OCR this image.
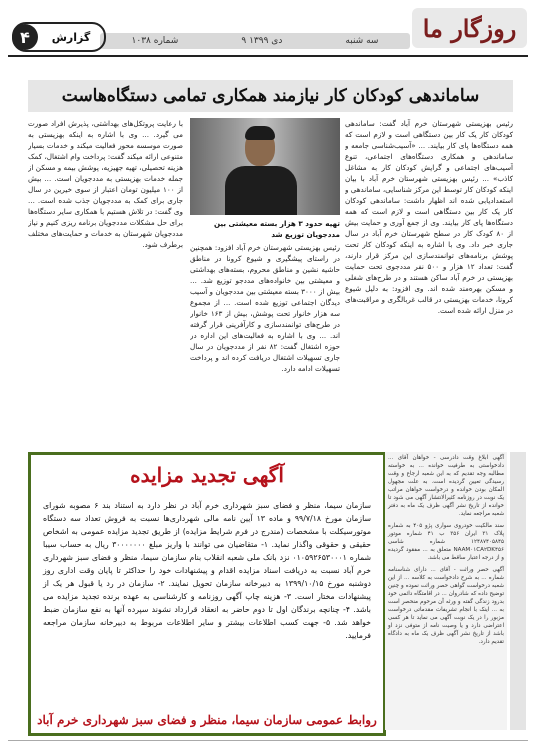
روزگار ما
شماره ۱۰۳۸	۹ دی ۱۳۹۹	سه شنبه
۴	گزارش
ساماندهی کودکان کار نیازمند همکاری تمامی دستگاه‌هاست
رئیس بهزیستی شهرستان خرم آباد گفت: ساماندهی کودکان کار یک کار بین دستگاهی است و لازم است که همه دستگاه‌ها پای کار بیایند. ... «آسیب‌شناسی جامعه و ساماندهی و همکاری دستگاه‌های اجتماعی، تنوع آسیب‌های اجتماعی و گرایش کودکان کار به مشاغل کاذب» ... رئیس بهزیستی شهرستان خرم آباد با بیان اینکه کودکان کار توسط این مرکز شناسایی، ساماندهی و استعدادیابی شده اند اظهار داشت: ساماندهی کودکان کار یک کار بین دستگاهی است و لازم است که همه دستگاه‌ها پای کار بیایند. وی از جمع آوری و حمایت بیش از ۸۰ کودک کار در سطح شهرستان خرم آباد در سال جاری خبر داد. وی با اشاره به اینکه کودکان کار تحت پوشش برنامه‌های توانمندسازی این مرکز قرار دارند، گفت: تعداد ۱۲ هزار و ۵۰۰ نفر مددجوی تحت حمایت بهزیستی در خرم آباد ساکن هستند و در طرح‌های شغلی و مسکن بهره‌مند شده اند. وی افزود: به دلیل شیوع کرونا، خدمات بهزیستی در قالب غربالگری و مراقبت‌های در منزل ارائه شده است.
تهیه حدود ۳ هزار بسته معیشتی بین مددجویان توزیع شد
رئیس بهزیستی شهرستان خرم آباد افزود: همچنین در راستای پیشگیری و شیوع کرونا در مناطق حاشیه نشین و مناطق محروم، بسته‌های بهداشتی و معیشتی بین خانواده‌های مددجو توزیع شد. ... بیش از ۳۰۰۰ بسته معیشتی بین مددجویان و آسیب دیدگان اجتماعی توزیع شده است. ... از مجموع سه هزار خانوار تحت پوشش، بیش از ۱۶۳ خانوار در طرح‌های توانمندسازی و کارآفرینی قرار گرفته اند. ... وی با اشاره به فعالیت‌های این اداره در حوزه اشتغال گفت: ۸۲ نفر از مددجویان در سال جاری تسهیلات اشتغال دریافت کرده اند و پرداخت تسهیلات ادامه دارد.
با رعایت پروتکل‌های بهداشتی، پذیرش افراد صورت می گیرد. ... وی با اشاره به اینکه بهزیستی به صورت موسسه محور فعالیت میکند و خدمات بسیار متنوعی ارائه میکند گفت: پرداخت وام اشتغال، کمک هزینه تحصیلی، تهیه جهیزیه، پوشش بیمه و مسکن از جمله خدمات بهزیستی به مددجویان است. ... بیش از ۱۰۰ میلیون تومان اعتبار از سوی خیرین در سال جاری برای کمک به مددجویان جذب شده است. ... وی گفت: در تلاش هستیم با همکاری سایر دستگاه‌ها برای حل مشکلات مددجویان برنامه ریزی کنیم و نیاز مددجویان شهرستان به خدمات و حمایت‌های مختلف برطرف شود.
آگهی تجدید مزایده
سازمان سیما، منظر و فضای سبز شهرداری خرم آباد در نظر دارد به استناد بند ۶ مصوبه شورای سازمان مورخ ۹۹/۷/۱۸ و ماده ۱۳ آیین نامه مالی شهرداری‌ها نسبت به فروش تعداد سه دستگاه موتورسیکلت با مشخصات (مندرج در فرم شرایط مزایده) از طریق تجدید مزایده عمومی به اشخاص حقیقی و حقوقی واگذار نماید. ۱- متقاضیان می توانند با واریز مبلغ ۳۰۰۰۰۰۰۰ ریال به حساب سیبا شماره ۰۱۰۵۹۲۶۵۳۰۰۰۱ نزد بانک ملی شعبه انقلاب بنام سازمان سیما، منظر و فضای سبز شهرداری خرم آباد نسبت به دریافت اسناد مزایده اقدام و پیشنهادات خود را حداکثر تا پایان وقت اداری روز دوشنبه مورخ ۱۳۹۹/۱۰/۱۵ به دبیرخانه سازمان تحویل نمایند. ۲- سازمان در رد یا قبول هر یک از پیشنهادات مختار است. ۳- هزینه چاپ آگهی روزنامه و کارشناسی به عهده برنده تجدید مزایده می باشد. ۴- چنانچه برندگان اول تا دوم حاضر به انعقاد قرارداد نشوند سپرده آنها به نفع سازمان ضبط خواهد شد. ۵- جهت کسب اطلاعات بیشتر و سایر اطلاعات مربوط به دبیرخانه سازمان مراجعه فرمایید.
روابط عمومی سازمان سیما، منظر و فضای سبز شهرداری خرم آباد

آگهی ابلاغ وقت دادرسی - خواهان آقای ... دادخواستی به طرفیت خوانده ... به خواسته مطالبه وجه تقدیم که به این شعبه ارجاع و وقت رسیدگی تعیین گردیده است. به علت مجهول المکان بودن خوانده و درخواست خواهان مراتب یک نوبت در روزنامه کثیرالانتشار آگهی می شود تا خوانده از تاریخ نشر آگهی ظرف یک ماه به دفتر شعبه مراجعه نماید.

سند مالکیت خودروی سواری پژو ۴۰۵ به شماره پلاک ۳۱ ایران ۳۵۶ ب ۴۱ شماره موتور ۱۲۴۸۷۴۰۵۸۴۵ شماره شاسی NAAM۰۱CA۲DK۴۵۶ متعلق به ... مفقود گردیده و از درجه اعتبار ساقط می باشد.

آگهی حصر وراثت - آقای ... دارای شناسنامه شماره ... به شرح دادخواست به کلاسه ... از این شعبه درخواست گواهی حصر وراثت نموده و چنین توضیح داده که شادروان ... در اقامتگاه دائمی خود بدرود زندگی گفته و ورثه آن مرحوم منحصر است به ... اینک با انجام تشریفات مقدماتی درخواست مزبور را در یک نوبت آگهی می نماید تا هر کسی اعتراضی دارد و یا وصیت نامه از متوفی نزد او باشد از تاریخ نشر آگهی ظرف یک ماه به دادگاه تقدیم دارد.
